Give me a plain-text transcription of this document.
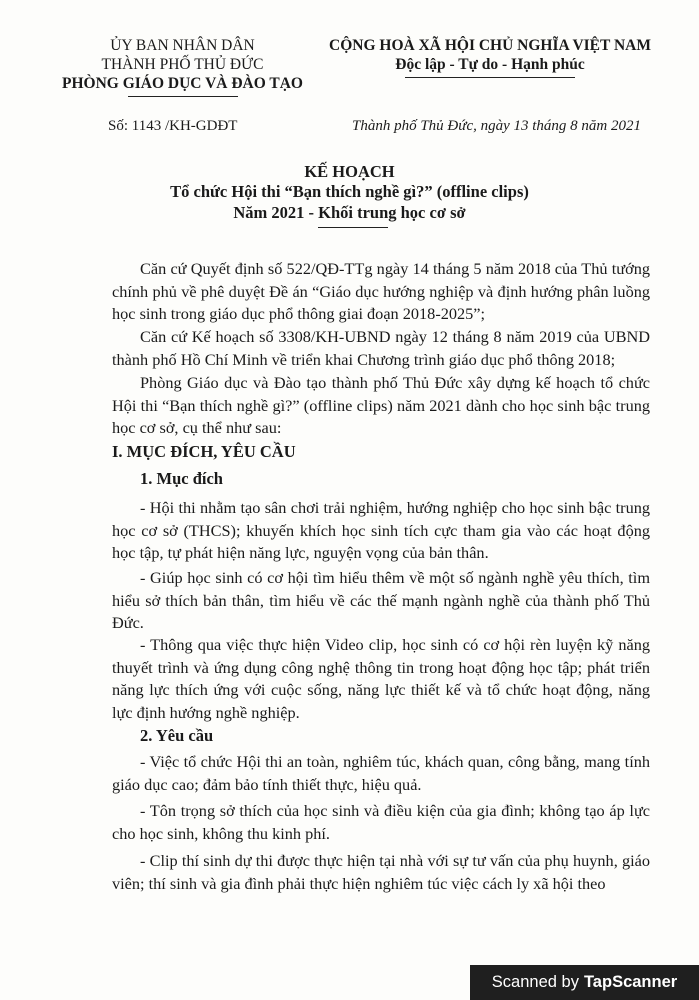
ỦY BAN NHÂN DÂN
THÀNH PHỐ THỦ ĐỨC
PHÒNG GIÁO DỤC VÀ ĐÀO TẠO
CỘNG HOÀ XÃ HỘI CHỦ NGHĨA VIỆT NAM
Độc lập - Tự do - Hạnh phúc
Số: 1143 /KH-GDĐT	Thành phố Thủ Đức, ngày 13 tháng 8 năm 2021
KẾ HOẠCH
Tổ chức Hội thi “Bạn thích nghề gì?” (offline clips)
Năm 2021 - Khối trung học cơ sở
Căn cứ Quyết định số 522/QĐ-TTg ngày 14 tháng 5 năm 2018 của Thủ tướng chính phủ về phê duyệt Đề án “Giáo dục hướng nghiệp và định hướng phân luồng học sinh trong giáo dục phổ thông giai đoạn 2018-2025”;
Căn cứ Kế hoạch số 3308/KH-UBND ngày 12 tháng 8 năm 2019 của UBND thành phố Hồ Chí Minh về triển khai Chương trình giáo dục phổ thông 2018;
Phòng Giáo dục và Đào tạo thành phố Thủ Đức xây dựng kế hoạch tổ chức Hội thi “Bạn thích nghề gì?” (offline clips) năm 2021 dành cho học sinh bậc trung học cơ sở, cụ thể như sau:
I. MỤC ĐÍCH, YÊU CẦU
1. Mục đích
- Hội thi nhằm tạo sân chơi trải nghiệm, hướng nghiệp cho học sinh bậc trung học cơ sở (THCS); khuyến khích học sinh tích cực tham gia vào các hoạt động học tập, tự phát hiện năng lực, nguyện vọng của bản thân.
- Giúp học sinh có cơ hội tìm hiểu thêm về một số ngành nghề yêu thích, tìm hiểu sở thích bản thân, tìm hiểu về các thế mạnh ngành nghề của thành phố Thủ Đức.
- Thông qua việc thực hiện Video clip, học sinh có cơ hội rèn luyện kỹ năng thuyết trình và ứng dụng công nghệ thông tin trong hoạt động học tập; phát triển năng lực thích ứng với cuộc sống, năng lực thiết kế và tổ chức hoạt động, năng lực định hướng nghề nghiệp.
2. Yêu cầu
- Việc tổ chức Hội thi an toàn, nghiêm túc, khách quan, công bằng, mang tính giáo dục cao; đảm bảo tính thiết thực, hiệu quả.
- Tôn trọng sở thích của học sinh và điều kiện của gia đình; không tạo áp lực cho học sinh, không thu kinh phí.
- Clip thí sinh dự thi được thực hiện tại nhà với sự tư vấn của phụ huynh, giáo viên; thí sinh và gia đình phải thực hiện nghiêm túc việc cách ly xã hội theo
Scanned by TapScanner
